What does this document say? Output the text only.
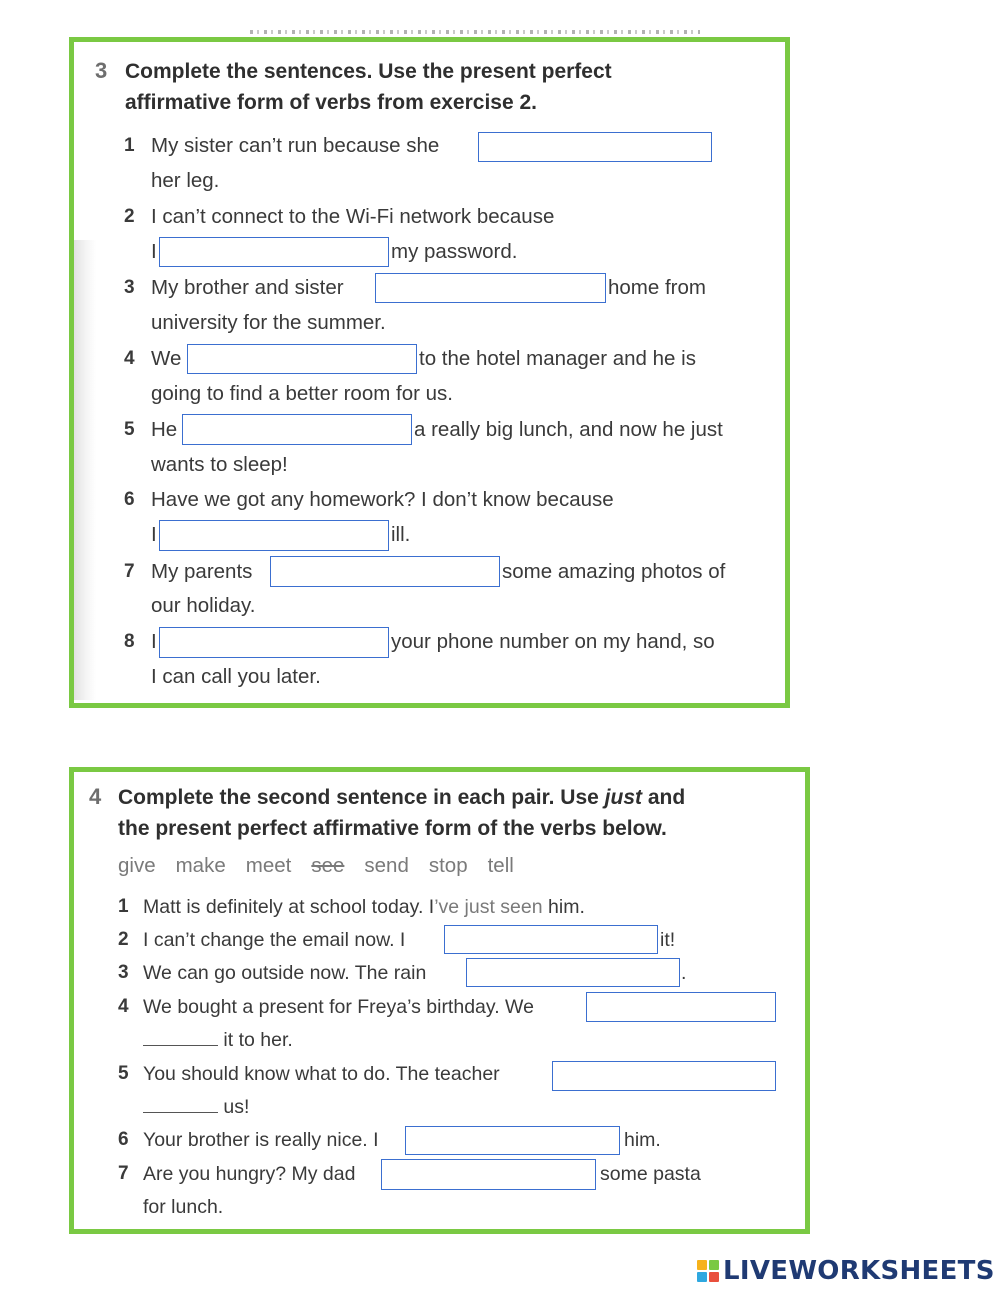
3 Complete the sentences. Use the present perfect
affirmative form of verbs from exercise 2.
1 My sister can’t run because she
her leg.
2 I can’t connect to the Wi-Fi network because
I	my password.
3 My brother and sister	home from
university for the summer.
4 We	to the hotel manager and he is
going to find a better room for us.
5 He	a really big lunch, and now he just
wants to sleep!
6 Have we got any homework? I don’t know because
I	ill.
7 My parents	some amazing photos of
our holiday.
8 I	your phone number on my hand, so
I can call you later.
4 Complete the second sentence in each pair. Use just and
the present perfect affirmative form of the verbs below.
give make meet see send stop tell
1 Matt is definitely at school today. I’ve just seen him.
2 I can’t change the email now. I	it!
3 We can go outside now. The rain	.
4 We bought a present for Freya’s birthday. We
it to her.
5 You should know what to do. The teacher
us!
6 Your brother is really nice. I	him.
7 Are you hungry? My dad	some pasta
for lunch.
LIVEWORKSHEETS
